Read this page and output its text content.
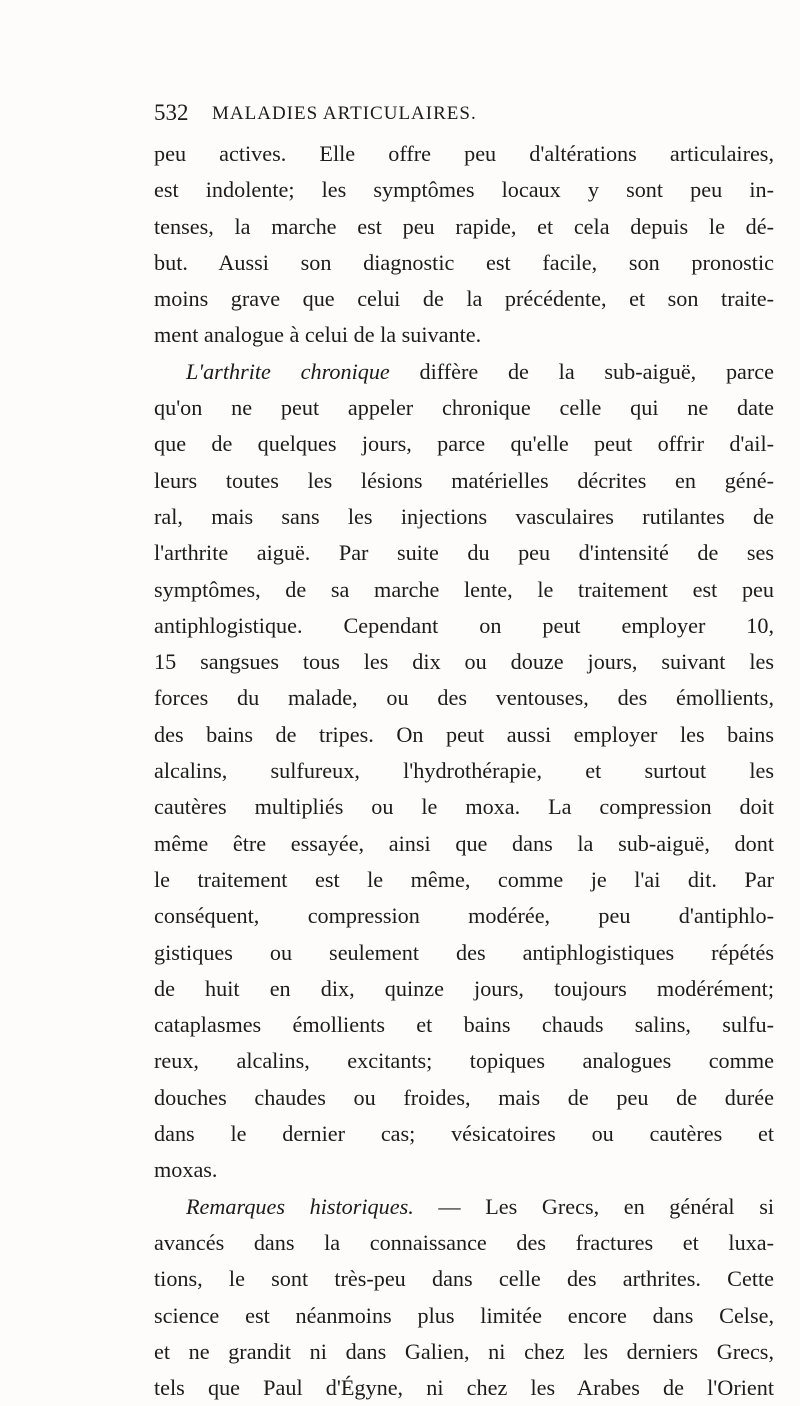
532 MALADIES ARTICULAIRES.
peu actives. Elle offre peu d'altérations articulaires,
est indolente; les symptômes locaux y sont peu in-
tenses, la marche est peu rapide, et cela depuis le dé-
but. Aussi son diagnostic est facile, son pronostic
moins grave que celui de la précédente, et son traite-
ment analogue à celui de la suivante.
L'arthrite chronique diffère de la sub-aiguë, parce
qu'on ne peut appeler chronique celle qui ne date
que de quelques jours, parce qu'elle peut offrir d'ail-
leurs toutes les lésions matérielles décrites en géné-
ral, mais sans les injections vasculaires rutilantes de
l'arthrite aiguë. Par suite du peu d'intensité de ses
symptômes, de sa marche lente, le traitement est peu
antiphlogistique. Cependant on peut employer 10,
15 sangsues tous les dix ou douze jours, suivant les
forces du malade, ou des ventouses, des émollients,
des bains de tripes. On peut aussi employer les bains
alcalins, sulfureux, l'hydrothérapie, et surtout les
cautères multipliés ou le moxa. La compression doit
même être essayée, ainsi que dans la sub-aiguë, dont
le traitement est le même, comme je l'ai dit. Par
conséquent, compression modérée, peu d'antiphlo-
gistiques ou seulement des antiphlogistiques répétés
de huit en dix, quinze jours, toujours modérément;
cataplasmes émollients et bains chauds salins, sulfu-
reux, alcalins, excitants; topiques analogues comme
douches chaudes ou froides, mais de peu de durée
dans le dernier cas; vésicatoires ou cautères et
moxas.
Remarques historiques. — Les Grecs, en général si
avancés dans la connaissance des fractures et luxa-
tions, le sont très-peu dans celle des arthrites. Cette
science est néanmoins plus limitée encore dans Celse,
et ne grandit ni dans Galien, ni chez les derniers Grecs,
tels que Paul d'Égyne, ni chez les Arabes de l'Orient
